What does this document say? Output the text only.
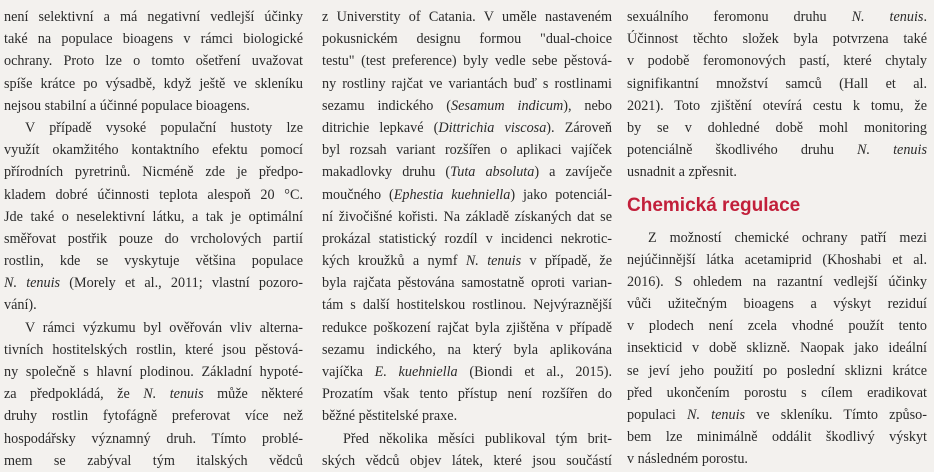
není selektivní a má negativní vedlejší účinky
také na populace bioagens v rámci biologické
ochrany. Proto lze o tomto ošetření uvažovat
spíše krátce po výsadbě, když ještě ve skleníku
nejsou stabilní a účinné populace bioagens.
V případě vysoké populační hustoty lze
využít okamžitého kontaktního efektu pomocí
přírodních pyretrinů. Nicméně zde je předpo-
kladem dobré účinnosti teplota alespoň 20 °C.
Jde také o neselektivní látku, a tak je optimální
směřovat postřik pouze do vrcholových partií
rostlin, kde se vyskytuje většina populace
N. tenuis (Morely et al., 2011; vlastní pozoro-
vání).
V rámci výzkumu byl ověřován vliv alterna-
tivních hostitelských rostlin, které jsou pěstová-
ny společně s hlavní plodinou. Základní hypoté-
za předpokládá, že N. tenuis může některé
druhy rostlin fytofágně preferovat více než
hospodářsky významný druh. Tímto problé-
mem se zabýval tým italských vědců
z Universtity of Catania. V uměle nastaveném
pokusnickém designu formou "dual-choice
testu" (test preference) byly vedle sebe pěstová-
ny rostliny rajčat ve variantách buď s rostlinami
sezamu indického (Sesamum indicum), nebo
ditrichie lepkavé (Dittrichia viscosa). Zároveň
byl rozsah variant rozšířen o aplikaci vajíček
makadlovky druhu (Tuta absoluta) a zavíječe
moučného (Ephestia kuehniella) jako potenciál-
ní živočišné kořisti. Na základě získaných dat se
prokázal statistický rozdíl v incidenci nekrotic-
kých kroužků a nymf N. tenuis v případě, že
byla rajčata pěstována samostatně oproti varian-
tám s další hostitelskou rostlinou. Nejvýraznější
redukce poškození rajčat byla zjištěna v případě
sezamu indického, na který byla aplikována
vajíčka E. kuehniella (Biondi et al., 2015).
Prozatím však tento přístup není rozšířen do
běžné pěstitelské praxe.
Před několika měsíci publikoval tým brit-
ských vědců objev látek, které jsou součástí
sexuálního feromonu druhu N. tenuis.
Účinnost těchto složek byla potvrzena také
v podobě feromonových pastí, které chytaly
signifikantní množství samců (Hall et al.
2021). Toto zjištění otevírá cestu k tomu, že
by se v dohledné době mohl monitoring
potenciálně škodlivého druhu N. tenuis
usnadnit a zpřesnit.
Chemická regulace
Z možností chemické ochrany patří mezi
nejúčinnější látka acetamiprid (Khoshabi et al.
2016). S ohledem na razantní vedlejší účinky
vůči užitečným bioagens a výskyt reziduí
v plodech není zcela vhodné použít tento
insekticid v době sklizně. Naopak jako ideální
se jeví jeho použití po poslední sklizni krátce
před ukončením porostu s cílem eradikovat
populaci N. tenuis ve skleníku. Tímto způso-
bem lze minimálně oddálit škodlivý výskyt
v následném porostu.
